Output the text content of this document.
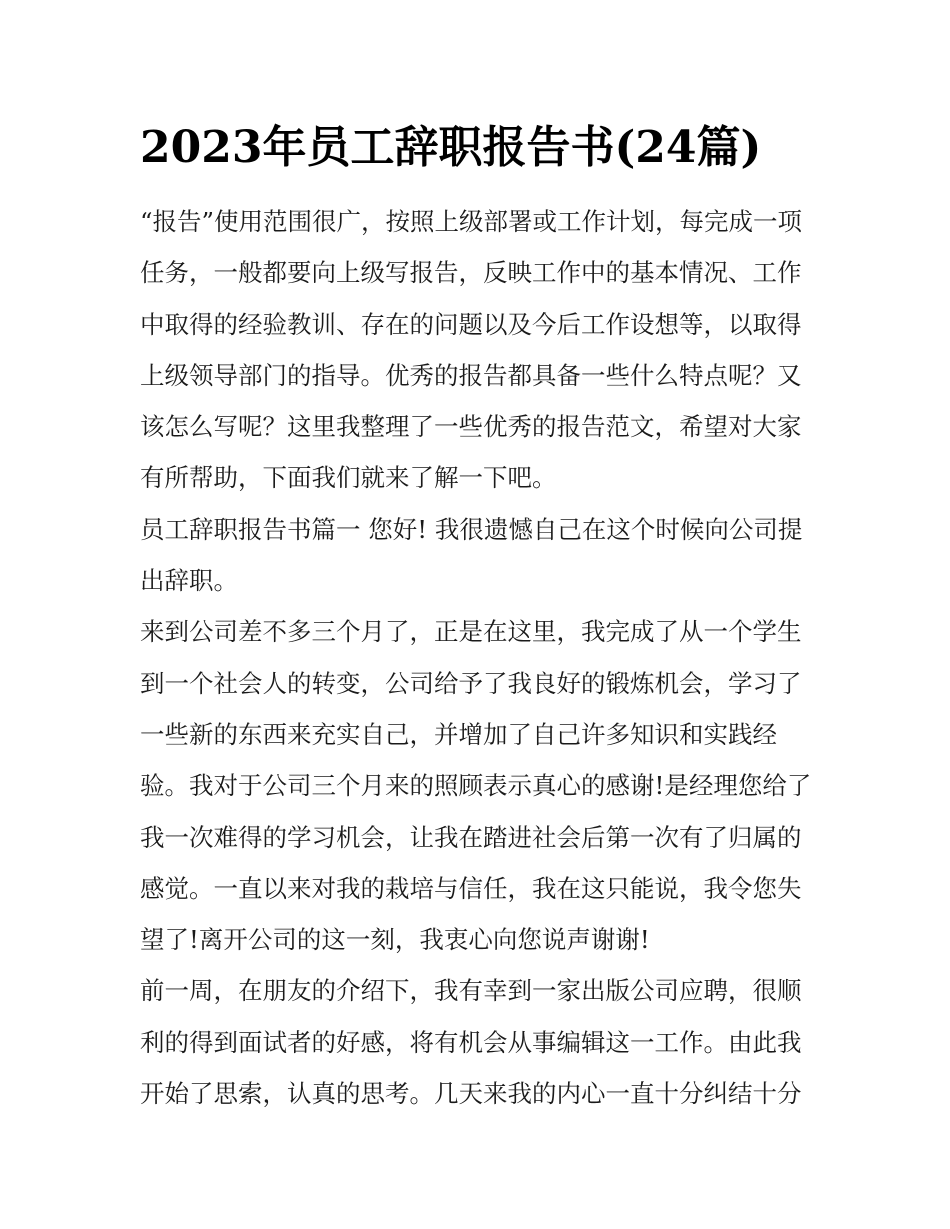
2023年员工辞职报告书(24篇)

“报告”使用范围很广，按照上级部署或工作计划，每完成一项任务，一般都要向上级写报告，反映工作中的基本情况、工作中取得的经验教训、存在的问题以及今后工作设想等，以取得上级领导部门的指导。优秀的报告都具备一些什么特点呢？又该怎么写呢？这里我整理了一些优秀的报告范文，希望对大家有所帮助，下面我们就来了解一下吧。

员工辞职报告书篇一 您好! 我很遗憾自己在这个时候向公司提出辞职。

来到公司差不多三个月了，正是在这里，我完成了从一个学生到一个社会人的转变，公司给予了我良好的锻炼机会，学习了一些新的东西来充实自己，并增加了自己许多知识和实践经验。我对于公司三个月来的照顾表示真心的感谢!是经理您给了我一次难得的学习机会，让我在踏进社会后第一次有了归属的感觉。一直以来对我的栽培与信任，我在这只能说，我令您失望了!离开公司的这一刻，我衷心向您说声谢谢!

前一周，在朋友的介绍下，我有幸到一家出版公司应聘，很顺利的得到面试者的好感，将有机会从事编辑这一工作。由此我开始了思索，认真的思考。几天来我的内心一直十分纠结十分
